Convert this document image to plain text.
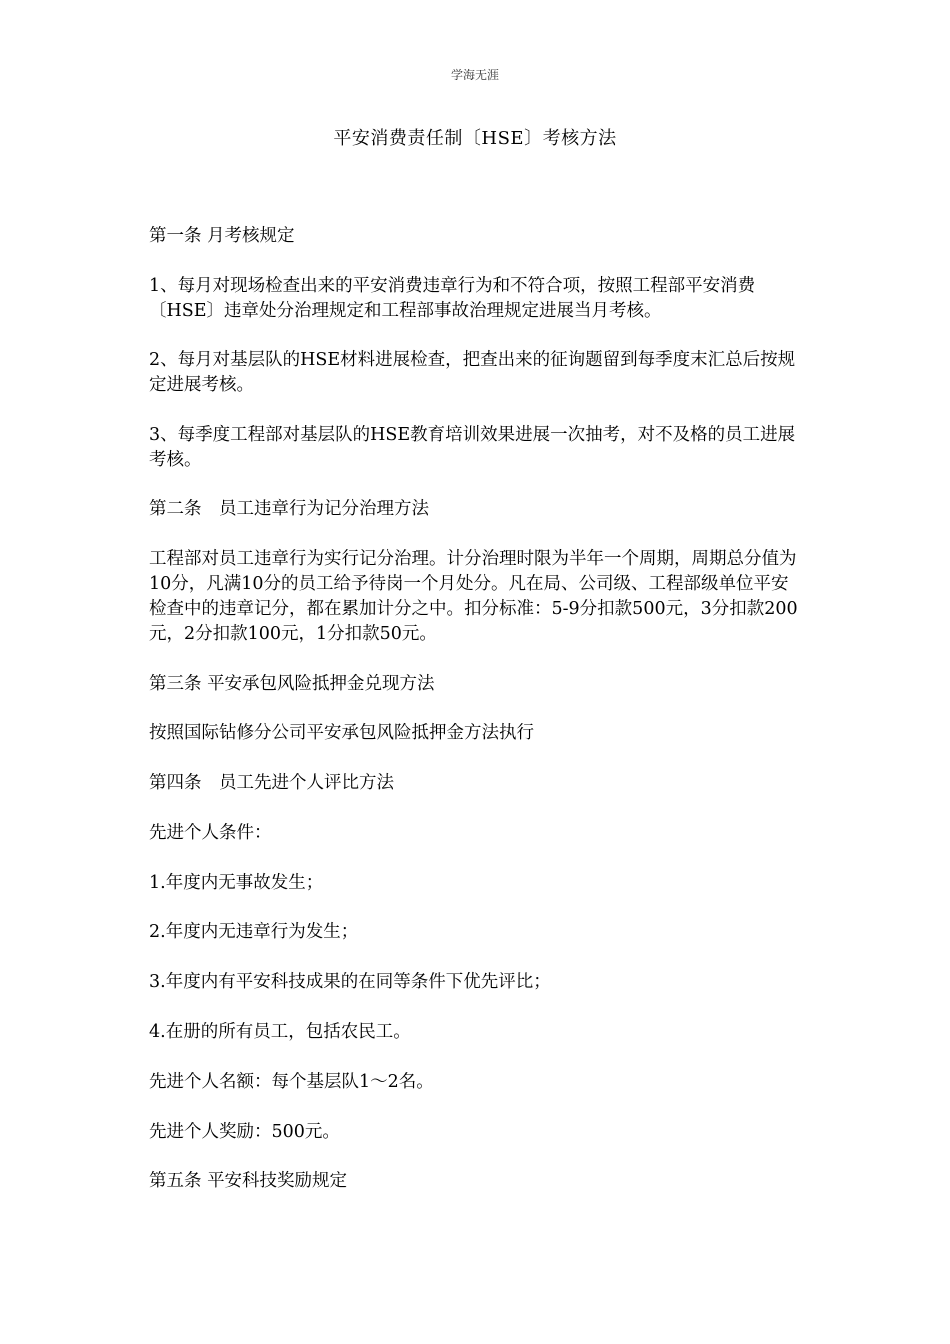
学海无涯
平安消费责任制〔HSE〕考核方法
第一条 月考核规定
1、每月对现场检查出来的平安消费违章行为和不符合项，按照工程部平安消费〔HSE〕违章处分治理规定和工程部事故治理规定进展当月考核。
2、每月对基层队的HSE材料进展检查，把查出来的征询题留到每季度末汇总后按规定进展考核。
3、每季度工程部对基层队的HSE教育培训效果进展一次抽考，对不及格的员工进展考核。
第二条　员工违章行为记分治理方法
工程部对员工违章行为实行记分治理。计分治理时限为半年一个周期，周期总分值为10分，凡满10分的员工给予待岗一个月处分。凡在局、公司级、工程部级单位平安检查中的违章记分，都在累加计分之中。扣分标准：5-9分扣款500元，3分扣款200元，2分扣款100元，1分扣款50元。
第三条 平安承包风险抵押金兑现方法
按照国际钻修分公司平安承包风险抵押金方法执行
第四条　员工先进个人评比方法
先进个人条件：
1.年度内无事故发生；
2.年度内无违章行为发生；
3.年度内有平安科技成果的在同等条件下优先评比；
4.在册的所有员工，包括农民工。
先进个人名额：每个基层队1～2名。
先进个人奖励：500元。
第五条 平安科技奖励规定
